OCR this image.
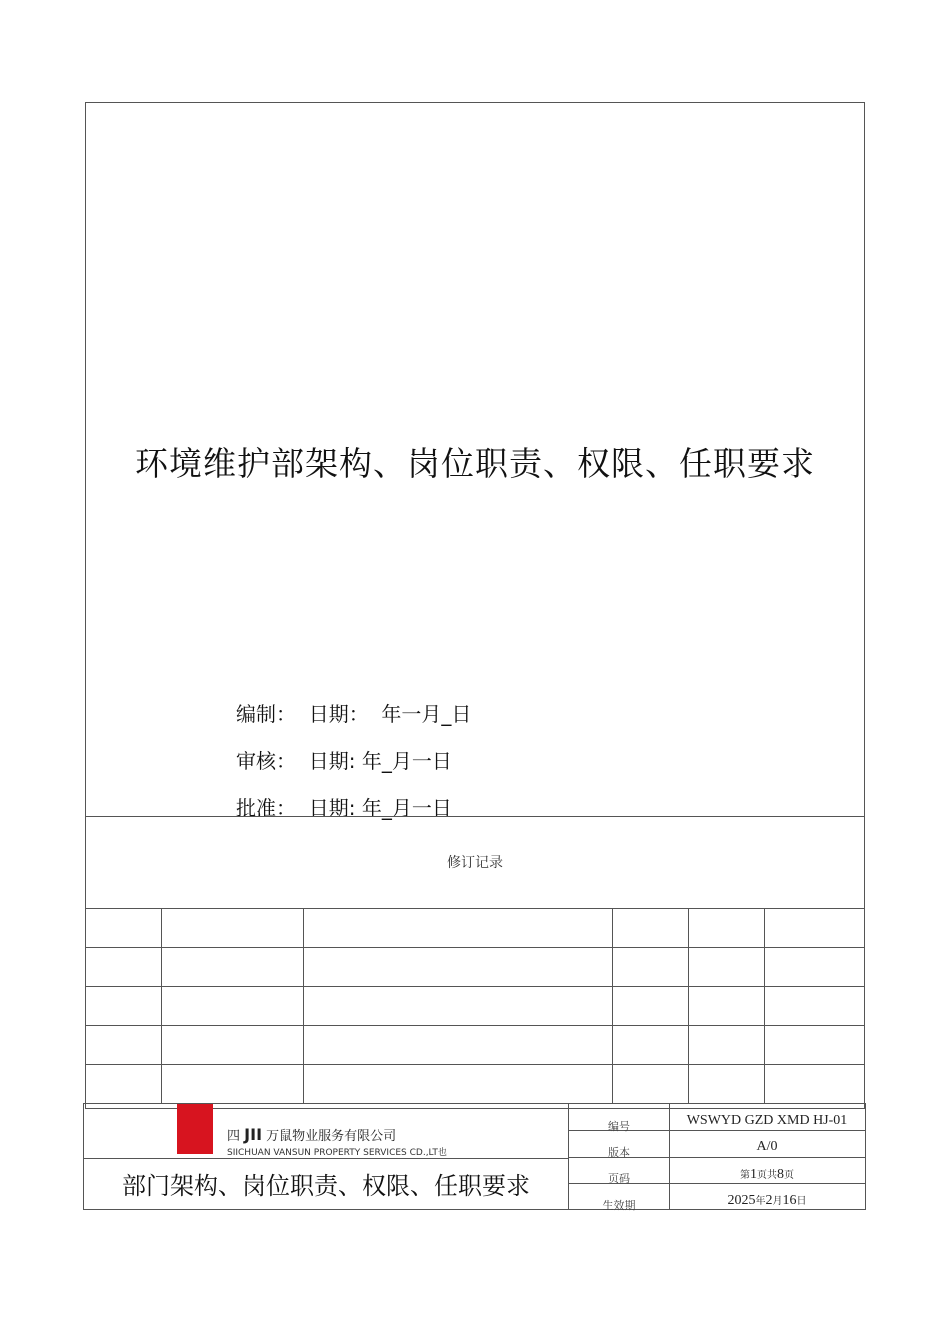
环境维护部架构、岗位职责、权限、任职要求
编制： 日期：  年一月_日
审核： 日期: 年_月一日
批准： 日期: 年_月一日
修订记录
四 JII 万鼠物业服务有限公司
SIICHUAN VANSUN PROPERTY SERVICES CD.,LT也
部门架构、岗位职责、权限、任职要求
编号
版本
页码
生效期
WSWYD GZD XMD HJ-01
A/0
第1页共8页
2025年2月16日
